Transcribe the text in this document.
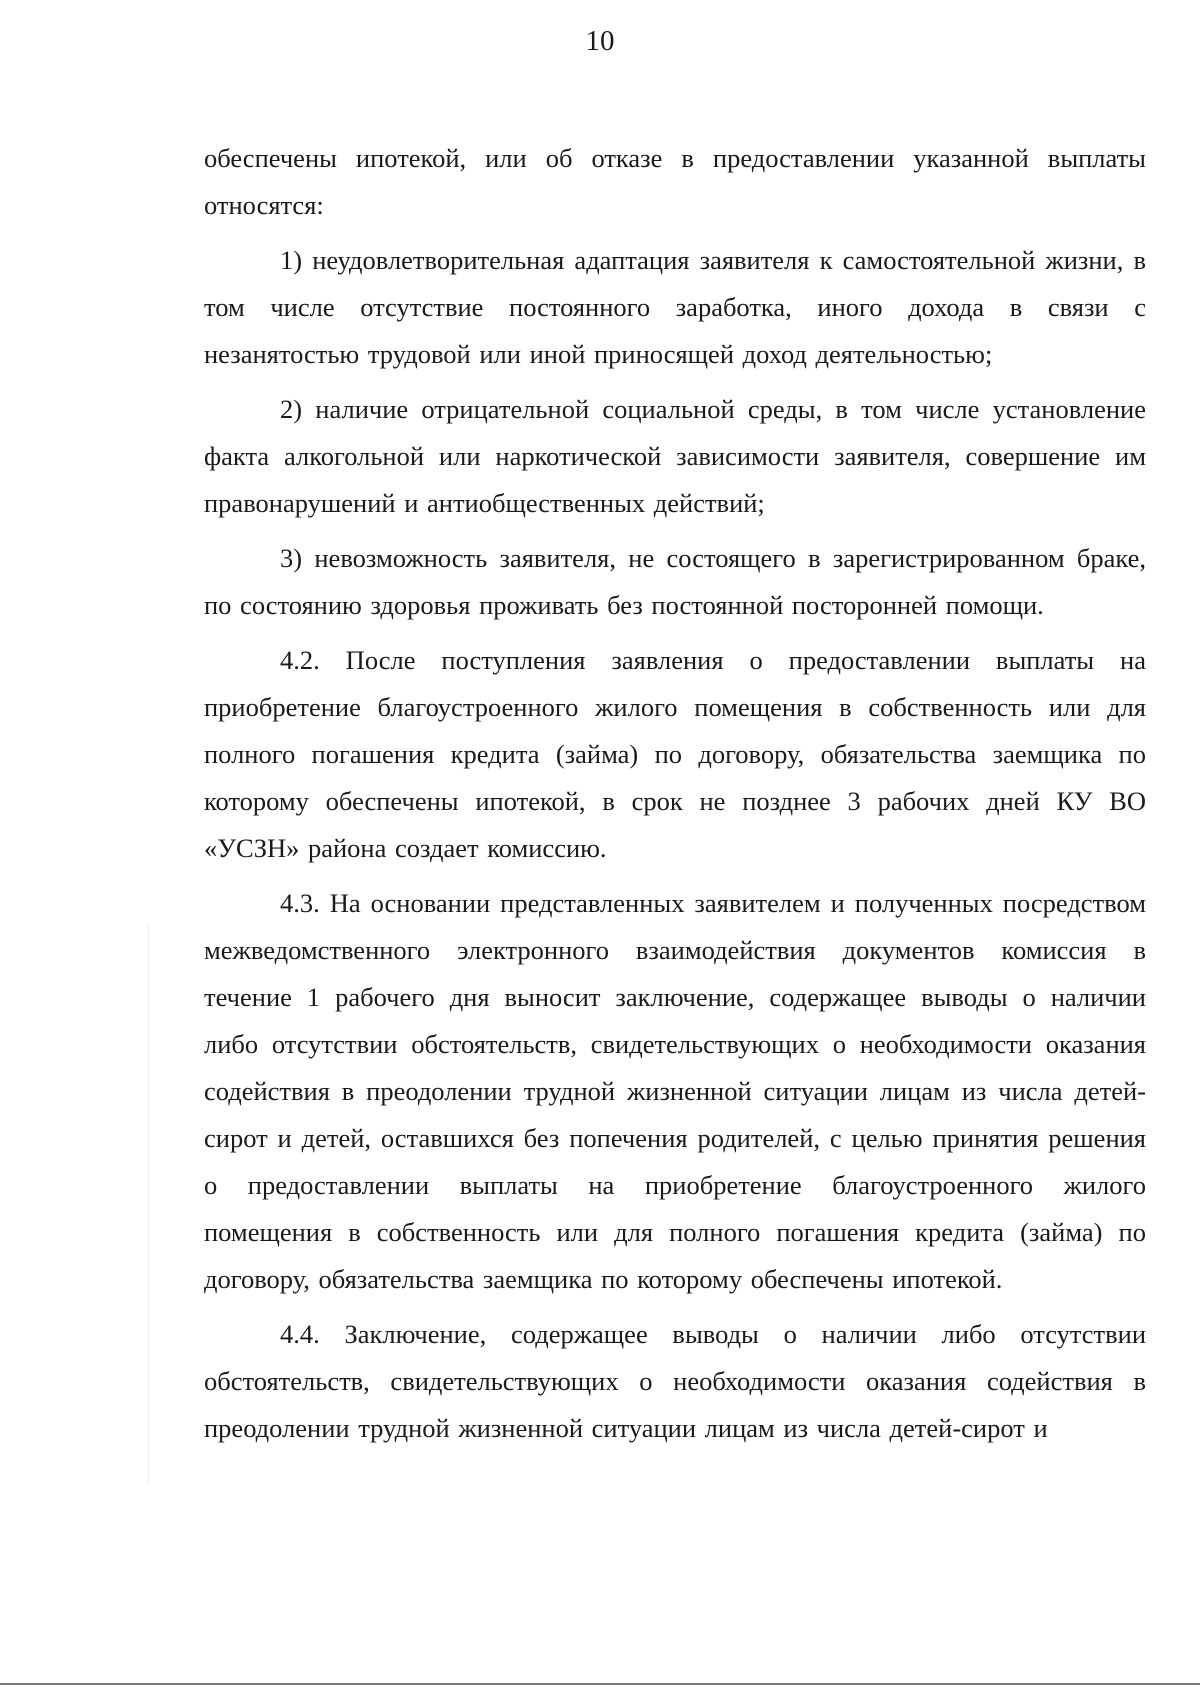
10

обеспечены ипотекой, или об отказе в предоставлении указанной выплаты относятся:

1) неудовлетворительная адаптация заявителя к самостоятельной жизни, в том числе отсутствие постоянного заработка, иного дохода в связи с незанятостью трудовой или иной приносящей доход деятельностью;

2) наличие отрицательной социальной среды, в том числе установление факта алкогольной или наркотической зависимости заявителя, совершение им правонарушений и антиобщественных действий;

3) невозможность заявителя, не состоящего в зарегистрированном браке, по состоянию здоровья проживать без постоянной посторонней помощи.

4.2. После поступления заявления о предоставлении выплаты на приобретение благоустроенного жилого помещения в собственность или для полного погашения кредита (займа) по договору, обязательства заемщика по которому обеспечены ипотекой, в срок не позднее 3 рабочих дней КУ ВО «УСЗН» района создает комиссию.

4.3. На основании представленных заявителем и полученных посредством межведомственного электронного взаимодействия документов комиссия в течение 1 рабочего дня выносит заключение, содержащее выводы о наличии либо отсутствии обстоятельств, свидетельствующих о необходимости оказания содействия в преодолении трудной жизненной ситуации лицам из числа детей-сирот и детей, оставшихся без попечения родителей, с целью принятия решения о предоставлении выплаты на приобретение благоустроенного жилого помещения в собственность или для полного погашения кредита (займа) по договору, обязательства заемщика по которому обеспечены ипотекой.

4.4. Заключение, содержащее выводы о наличии либо отсутствии обстоятельств, свидетельствующих о необходимости оказания содействия в преодолении трудной жизненной ситуации лицам из числа детей-сирот и
